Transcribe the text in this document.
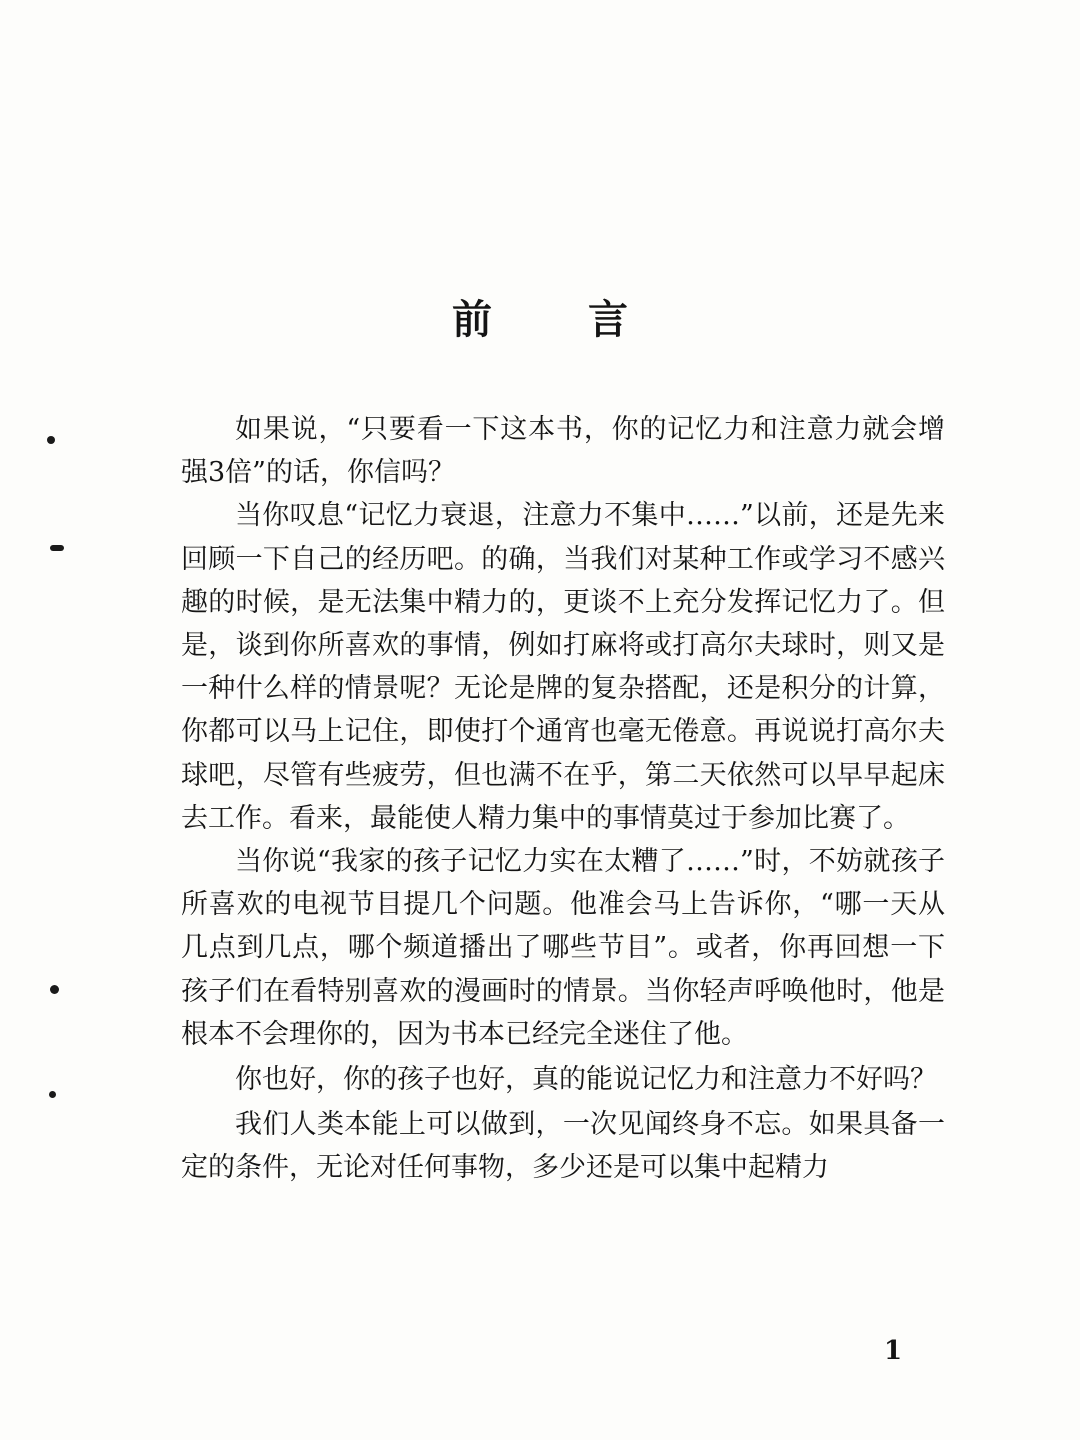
前 言

如果说，“只要看一下这本书，你的记忆力和注意力就会增强3倍”的话，你信吗？

当你叹息“记忆力衰退，注意力不集中……”以前，还是先来回顾一下自己的经历吧。的确，当我们对某种工作或学习不感兴趣的时候，是无法集中精力的，更谈不上充分发挥记忆力了。但是，谈到你所喜欢的事情，例如打麻将或打高尔夫球时，则又是一种什么样的情景呢？无论是牌的复杂搭配，还是积分的计算，你都可以马上记住，即使打个通宵也毫无倦意。再说说打高尔夫球吧，尽管有些疲劳，但也满不在乎，第二天依然可以早早起床去工作。看来，最能使人精力集中的事情莫过于参加比赛了。

当你说“我家的孩子记忆力实在太糟了……”时，不妨就孩子所喜欢的电视节目提几个问题。他准会马上告诉你，“哪一天从几点到几点，哪个频道播出了哪些节目”。或者，你再回想一下孩子们在看特别喜欢的漫画时的情景。当你轻声呼唤他时，他是根本不会理你的，因为书本已经完全迷住了他。

你也好，你的孩子也好，真的能说记忆力和注意力不好吗？

我们人类本能上可以做到，一次见闻终身不忘。如果具备一定的条件，无论对任何事物，多少还是可以集中起精力

1
